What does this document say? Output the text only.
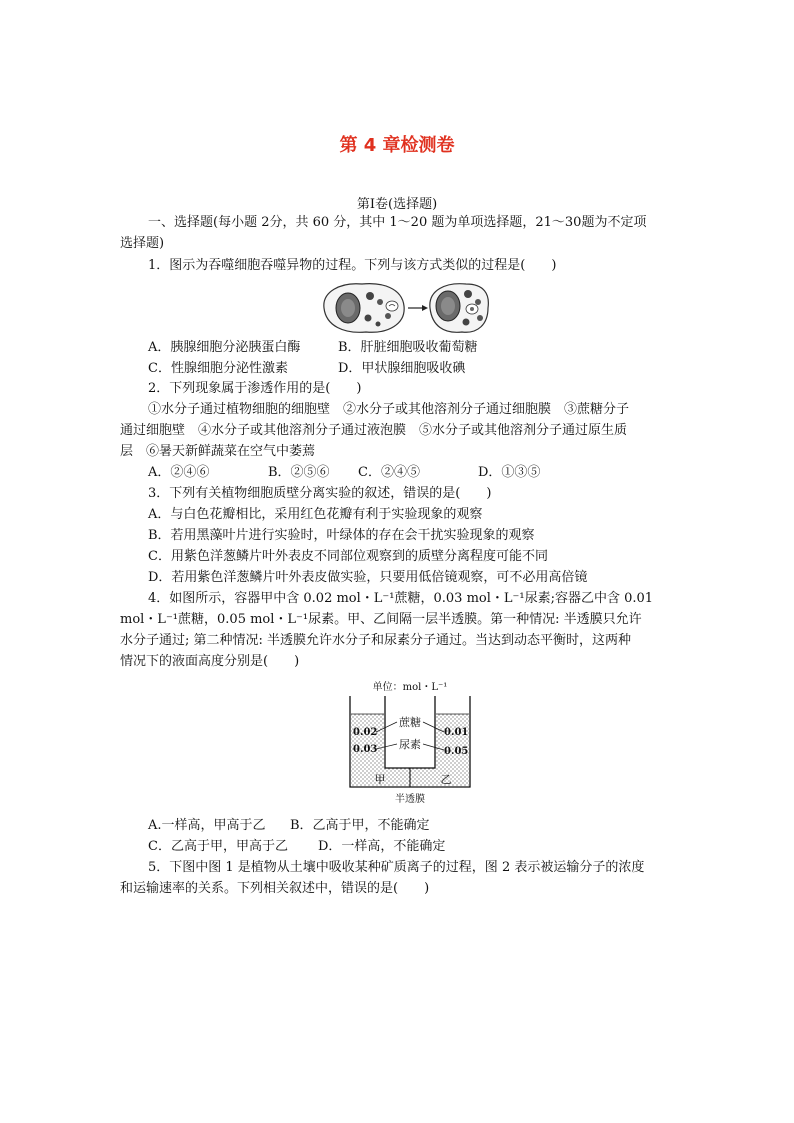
第 4 章检测卷
第Ⅰ卷(选择题)
一、选择题(每小题 2分，共 60 分，其中 1～20 题为单项选择题，21～30题为不定项
选择题)
1．图示为吞噬细胞吞噬异物的过程。下列与该方式类似的过程是(　　)
A．胰腺细胞分泌胰蛋白酶	B．肝脏细胞吸收葡萄糖
C．性腺细胞分泌性激素	D．甲状腺细胞吸收碘
2．下列现象属于渗透作用的是(　　)
①水分子通过植物细胞的细胞壁　②水分子或其他溶剂分子通过细胞膜　③蔗糖分子
通过细胞壁　④水分子或其他溶剂分子通过液泡膜　⑤水分子或其他溶剂分子通过原生质
层　⑥暑天新鲜蔬菜在空气中萎蔫
A．②④⑥	B．②⑤⑥ C．②④⑤	D．①③⑤
3．下列有关植物细胞质壁分离实验的叙述，错误的是(　　)
A．与白色花瓣相比，采用红色花瓣有利于实验现象的观察
B．若用黑藻叶片进行实验时，叶绿体的存在会干扰实验现象的观察
C．用紫色洋葱鳞片叶外表皮不同部位观察到的质壁分离程度可能不同
D．若用紫色洋葱鳞片叶外表皮做实验，只要用低倍镜观察，可不必用高倍镜
4．如图所示，容器甲中含 0.02 mol・L⁻¹蔗糖，0.03 mol・L⁻¹尿素;容器乙中含 0.01
mol・L⁻¹蔗糖，0.05 mol・L⁻¹尿素。甲、乙间隔一层半透膜。第一种情况: 半透膜只允许
水分子通过; 第二种情况: 半透膜允许水分子和尿素分子通过。当达到动态平衡时，这两种
情况下的液面高度分别是(　　)
单位：mol・L⁻¹
0.02
0.03
0.01
0.05
蔗糖
尿素
甲	乙
半透膜
A.一样高，甲高于乙 B．乙高于甲，不能确定
C．乙高于甲，甲高于乙 D．一样高，不能确定
5．下图中图 1 是植物从土壤中吸收某种矿质离子的过程，图 2 表示被运输分子的浓度
和运输速率的关系。下列相关叙述中，错误的是(　　)
